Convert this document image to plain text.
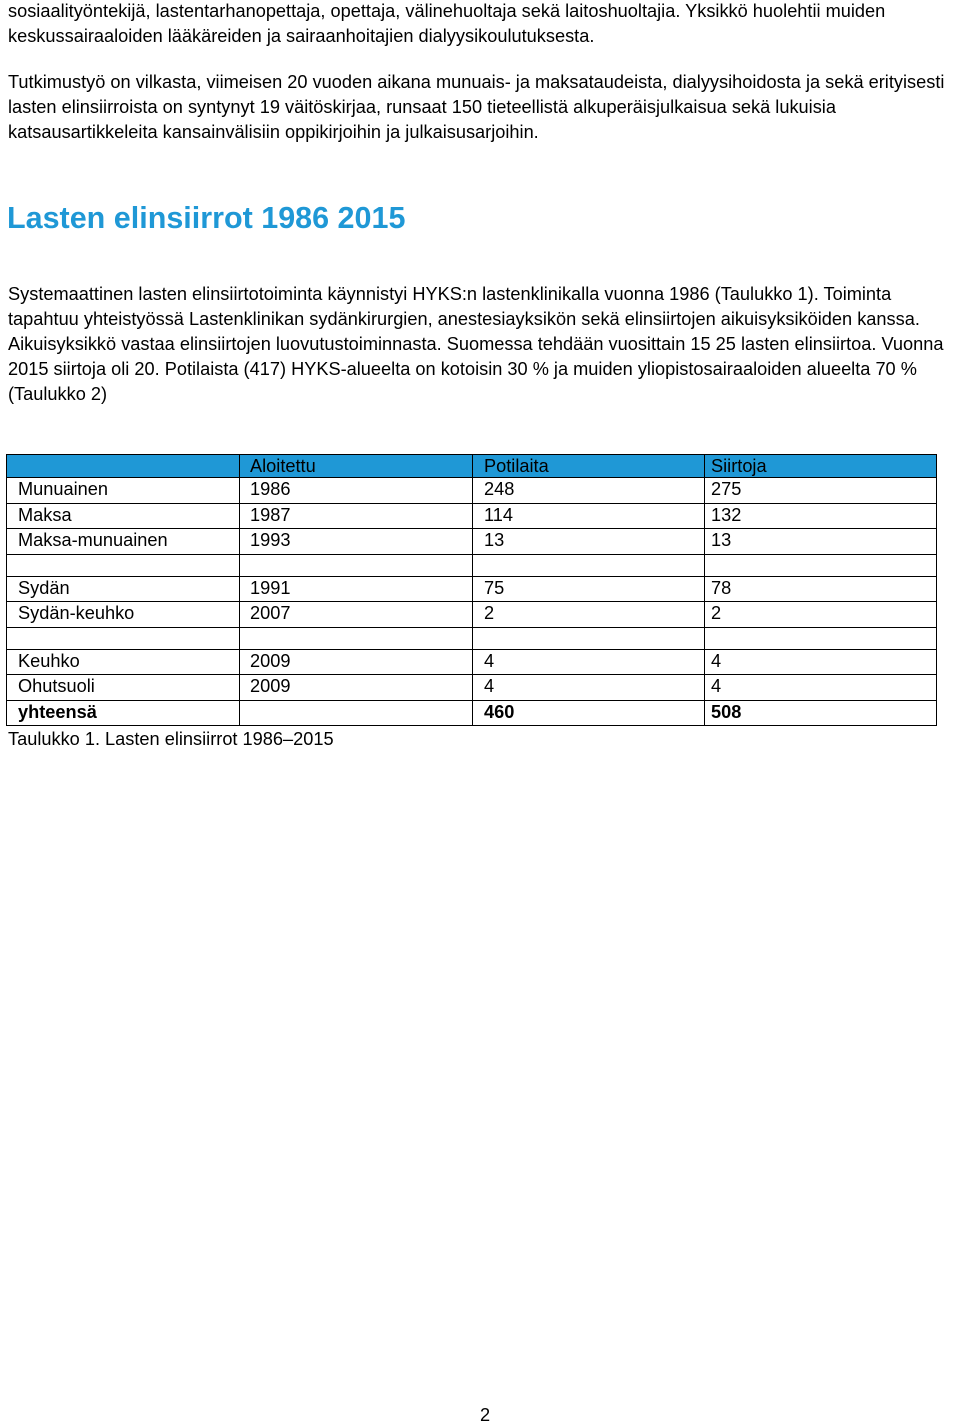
sosiaalityöntekijä, lastentarhanopettaja, opettaja, välinehuoltaja sekä laitoshuoltajia. Yksikkö huolehtii muiden keskussairaaloiden lääkäreiden ja sairaanhoitajien dialyysikoulutuksesta.

Tutkimustyö on vilkasta, viimeisen 20 vuoden aikana munuais- ja maksataudeista, dialyysihoidosta ja sekä erityisesti lasten elinsiirroista on syntynyt 19 väitöskirjaa, runsaat 150 tieteellistä alkuperäisjulkaisua sekä lukuisia katsausartikkeleita kansainvälisiin oppikirjoihin ja julkaisusarjoihin.

Lasten elinsiirrot 1986 2015

Systemaattinen lasten elinsiirtotoiminta käynnistyi HYKS:n lastenklinikalla vuonna 1986 (Taulukko 1). Toiminta tapahtuu yhteistyössä Lastenklinikan sydänkirurgien, anestesiayksikön sekä elinsiirtojen aikuisyksiköiden kanssa. Aikuisyksikkö vastaa elinsiirtojen luovutustoiminnasta. Suomessa tehdään vuosittain 15 25 lasten elinsiirtoa. Vuonna 2015 siirtoja oli 20. Potilaista (417) HYKS-alueelta on kotoisin 30 % ja muiden yliopistosairaaloiden alueelta 70 % (Taulukko 2)

	Aloitettu	Potilaita	Siirtoja
Munuainen	1986	248	275
Maksa	1987	114	132
Maksa-munuainen	1993	13	13

Sydän	1991	75	78
Sydän-keuhko	2007	2	2

Keuhko	2009	4	4
Ohutsuoli	2009	4	4
yhteensä		460	508

Taulukko 1. Lasten elinsiirrot 1986–2015

2
